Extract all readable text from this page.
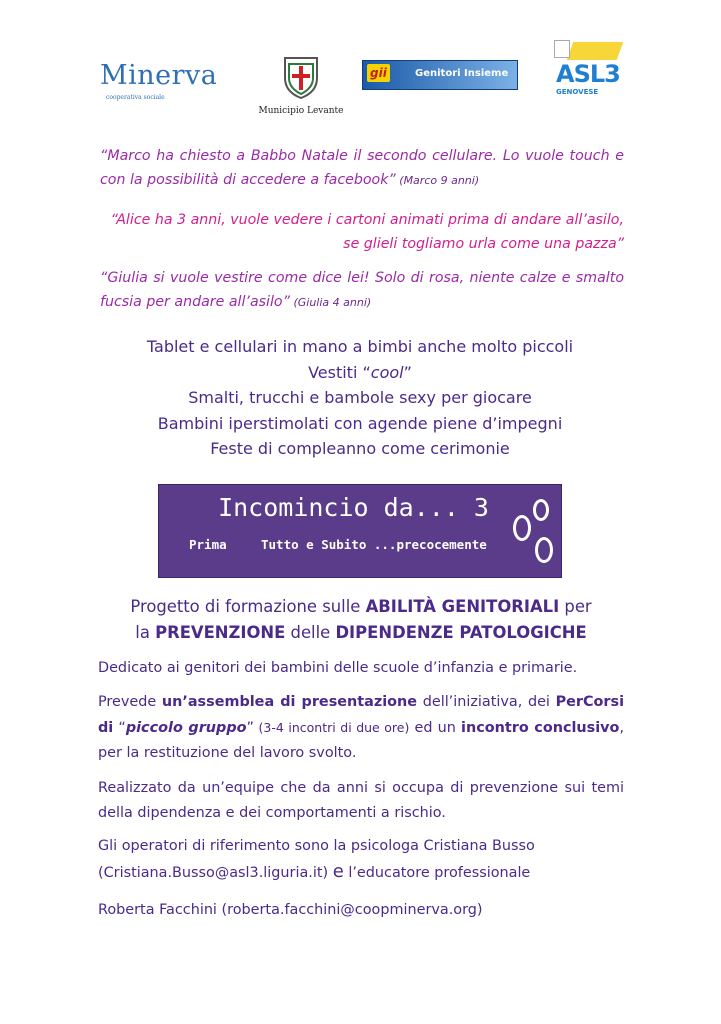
Minerva
cooperativa sociale
Municipio Levante
gii	Genitori Insieme ASL3
GENOVESE
“Marco ha chiesto a Babbo Natale il secondo cellulare. Lo vuole touch e con la possibilità di accedere a facebook” (Marco 9 anni)
“Alice ha 3 anni, vuole vedere i cartoni animati prima di andare all’asilo, se glieli togliamo urla come una pazza”
“Giulia si vuole vestire come dice lei! Solo di rosa, niente calze e smalto fucsia per andare all’asilo” (Giulia 4 anni)
Tablet e cellulari in mano a bimbi anche molto piccoli
Vestiti “cool”
Smalti, trucchi e bambole sexy per giocare
Bambini iperstimolati con agende piene d’impegni
Feste di compleanno come cerimonie
Incomincio da... 3
Prima	Tutto e Subito ...precocemente
Progetto di formazione sulle ABILITÀ GENITORIALI per
la PREVENZIONE delle DIPENDENZE PATOLOGICHE
Dedicato ai genitori dei bambini delle scuole d’infanzia e primarie.
Prevede un’assemblea di presentazione dell’iniziativa, dei PerCorsi di “piccolo gruppo” (3-4 incontri di due ore) ed un incontro conclusivo, per la restituzione del lavoro svolto.
Realizzato da un’equipe che da anni si occupa di prevenzione sui temi della dipendenza e dei comportamenti a rischio.
Gli operatori di riferimento sono la psicologa Cristiana Busso
(Cristiana.Busso@asl3.liguria.it) e l’educatore professionale
Roberta Facchini (roberta.facchini@coopminerva.org)
